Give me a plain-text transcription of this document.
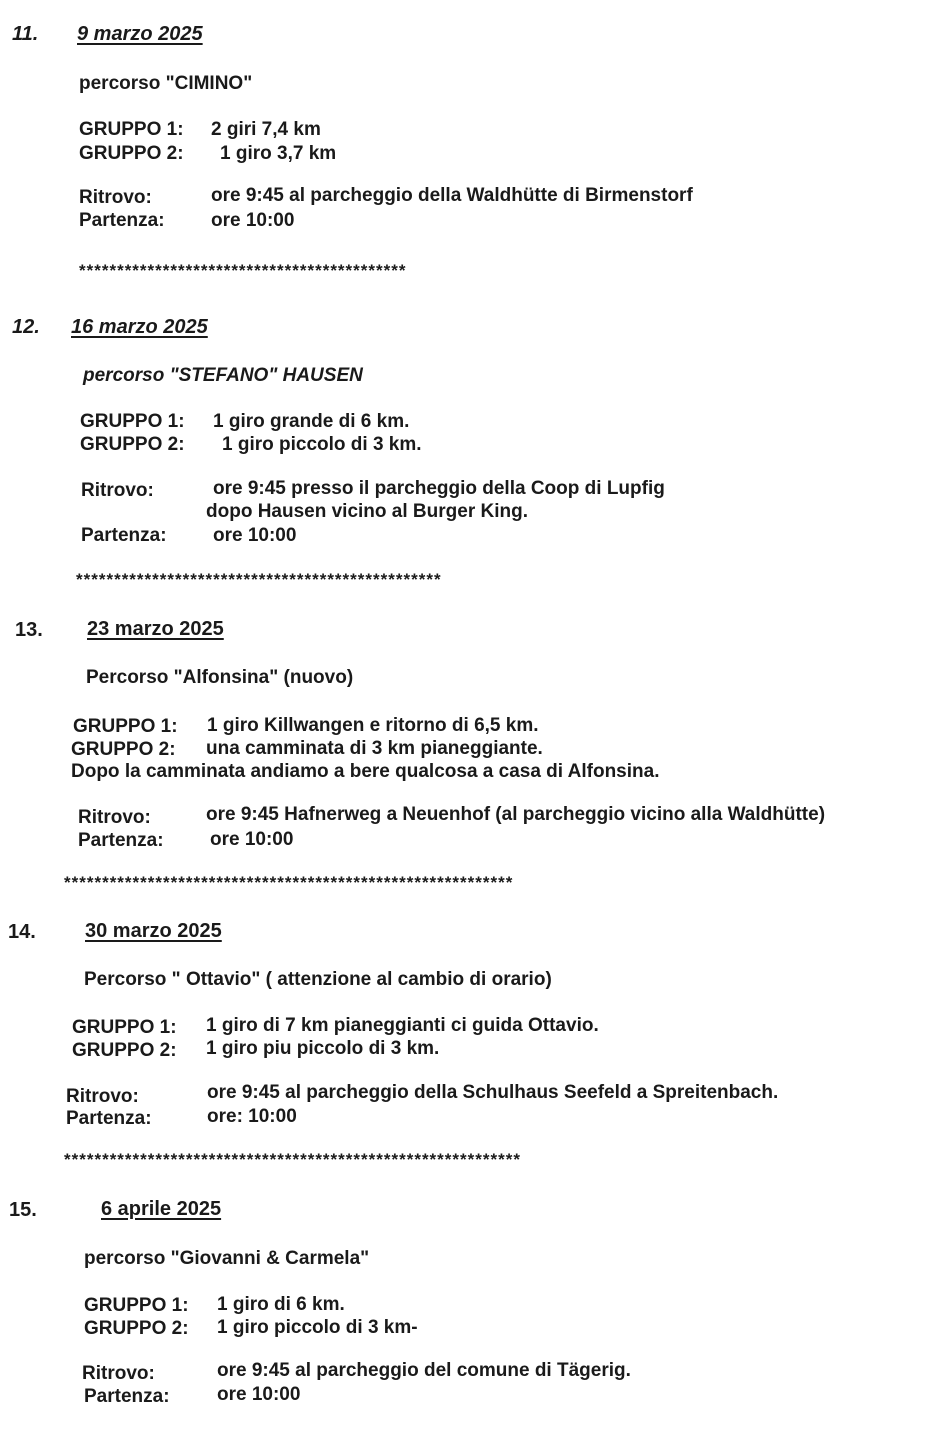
11. 9 marzo 2025
percorso "CIMINO"
GRUPPO 1: 2 giri 7,4 km
GRUPPO 2: 1 giro 3,7 km
Ritrovo:	ore 9:45 al parcheggio della Waldhütte di Birmenstorf
Partenza: ore 10:00
*******************************************
12. 16 marzo 2025
percorso "STEFANO" HAUSEN
GRUPPO 1: 1 giro grande di 6 km.
GRUPPO 2: 1 giro piccolo di 3 km.
Ritrovo:	ore 9:45 presso il parcheggio della Coop di Lupfig
dopo Hausen vicino al Burger King.
Partenza: ore 10:00
************************************************
13. 23 marzo 2025
Percorso "Alfonsina" (nuovo)
GRUPPO 1: 1 giro Killwangen e ritorno di 6,5 km.
GRUPPO 2: una camminata di 3 km pianeggiante.
Dopo la camminata andiamo a bere qualcosa a casa di Alfonsina.
Ritrovo:	ore 9:45 Hafnerweg a Neuenhof (al parcheggio vicino alla Waldhütte)
Partenza: ore 10:00
***********************************************************
14. 30 marzo 2025
Percorso " Ottavio" ( attenzione al cambio di orario)
GRUPPO 1: 1 giro di 7 km pianeggianti ci guida Ottavio.
GRUPPO 2: 1 giro piu piccolo di 3 km.
Ritrovo:	ore 9:45 al parcheggio della Schulhaus Seefeld a Spreitenbach.
Partenza:	ore: 10:00
************************************************************
15.	6 aprile 2025
percorso "Giovanni & Carmela"
GRUPPO 1: 1 giro di 6 km.
GRUPPO 2: 1 giro piccolo di 3 km-
Ritrovo:	ore 9:45 al parcheggio del comune di Tägerig.
Partenza: ore 10:00
